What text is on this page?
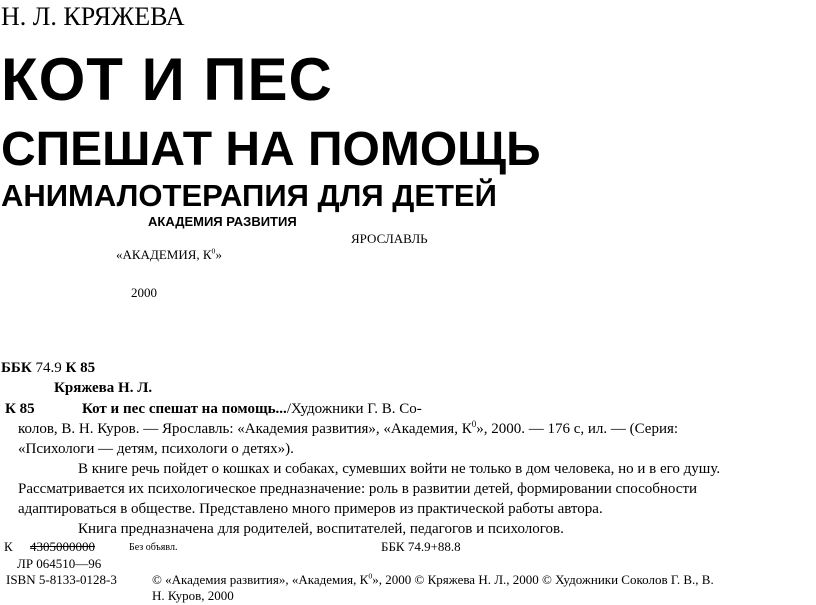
Н. Л. КРЯЖЕВА
КОТ И ПЕС
СПЕШАТ НА ПОМОЩЬ
АНИМАЛОТЕРАПИЯ ДЛЯ ДЕТЕЙ
АКАДЕМИЯ РАЗВИТИЯ
ЯРОСЛАВЛЬ
«АКАДЕМИЯ, $К^0$»
2000
ББК 74.9 К 85
Кряжева Н. Л.
К 85	Кот и пес спешат на помощь.../Художники Г. В. Со-
колов, В. Н. Куров. — Ярославль: «Академия развития», «Академия, $К^0$», 2000. — 176 с, ил. — (Серия:
«Психологи — детям, психологи о детях»).
В книге речь пойдет о кошках и собаках, сумевших войти не только в дом человека, но и в его душу.
Рассматривается их психологическое предназначение: роль в развитии детей, формировании способности
адаптироваться в обществе. Представлено много примеров из практической работы автора.
Книга предназначена для родителей, воспитателей, педагогов и психологов.
К 4305000000	Без объявл.	ББК 74.9+88.8
ЛР 064510—96
ISBN 5-8133-0128-3	© «Академия развития», «Академия, $К^0$», 2000 © Кряжева Н. Л., 2000 © Художники Соколов Г. В., В.
Н. Куров, 2000
